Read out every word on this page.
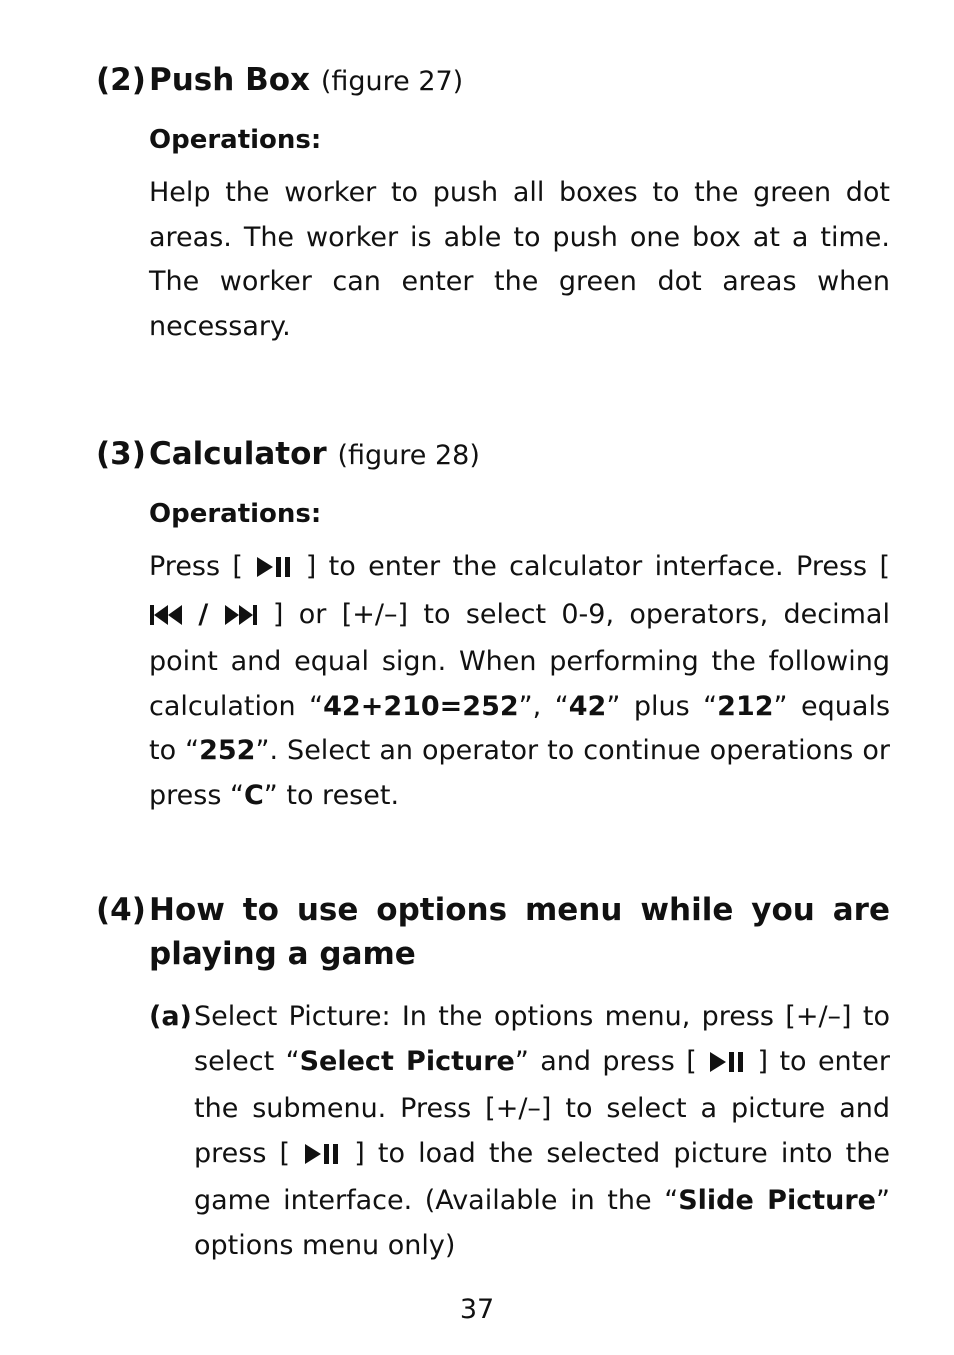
(2) Push Box (figure 27)
Operations:

Help the worker to push all boxes to the green dot areas. The worker is able to push one box at a time. The worker can enter the green dot areas when necessary.

(3) Calculator (figure 28)
Operations:

Press [ ] to enter the calculator interface. Press [  / ] or [+/–] to select 0-9, operators, decimal point and equal sign. When performing the following calculation “42+210=252”, “42” plus “212” equals to “252”. Select an operator to continue operations or press “C” to reset.

(4) How to use options menu while you are playing a game
(a) Select Picture: In the options menu, press [+/–] to select “Select Picture” and press [ ] to enter the submenu. Press [+/–] to select a picture and press [ ] to load the selected picture into the game interface. (Available in the “Slide Picture” options menu only)
37
